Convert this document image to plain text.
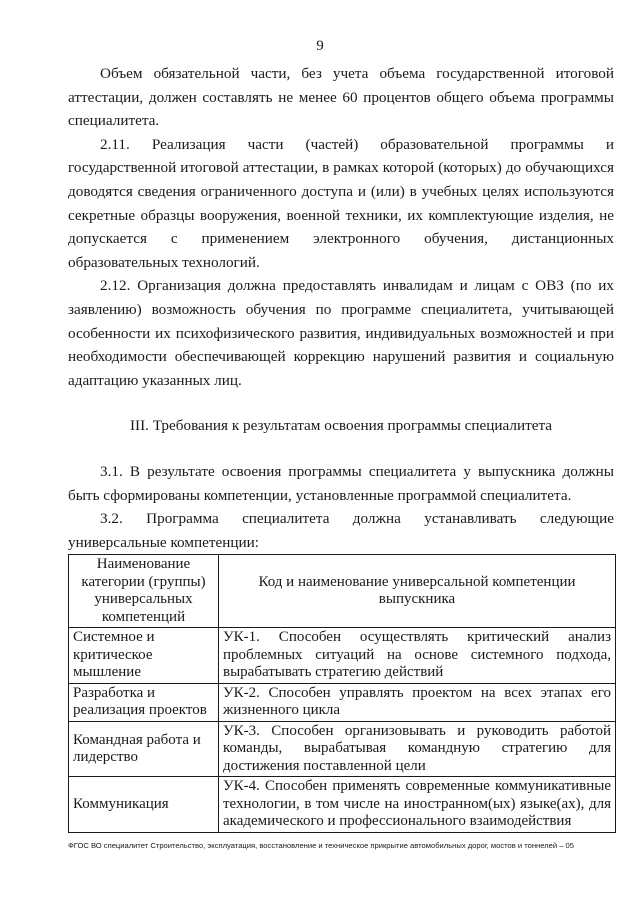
9

Объем обязательной части, без учета объема государственной итоговой аттестации, должен составлять не менее 60 процентов общего объема программы специалитета.

2.11. Реализация части (частей) образовательной программы и государственной итоговой аттестации, в рамках которой (которых) до обучающихся доводятся сведения ограниченного доступа и (или) в учебных целях используются секретные образцы вооружения, военной техники, их комплектующие изделия, не допускается с применением электронного обучения, дистанционных образовательных технологий.

2.12. Организация должна предоставлять инвалидам и лицам с ОВЗ (по их заявлению) возможность обучения по программе специалитета, учитывающей особенности их психофизического развития, индивидуальных возможностей и при необходимости обеспечивающей коррекцию нарушений развития и социальную адаптацию указанных лиц.

III. Требования к результатам освоения программы специалитета

3.1. В результате освоения программы специалитета у выпускника должны быть сформированы компетенции, установленные программой специалитета.

3.2. Программа специалитета должна устанавливать следующие универсальные компетенции:

Наименование категории (группы) универсальных компетенций	Код и наименование универсальной компетенции выпускника
Системное и критическое мышление	УК-1. Способен осуществлять критический анализ проблемных ситуаций на основе системного подхода, вырабатывать стратегию действий
Разработка и реализация проектов	УК-2. Способен управлять проектом на всех этапах его жизненного цикла
Командная работа и лидерство	УК-3. Способен организовывать и руководить работой команды, вырабатывая командную стратегию для достижения поставленной цели
Коммуникация	УК-4. Способен применять современные коммуникативные технологии, в том числе на иностранном(ых) языке(ах), для академического и профессионального взаимодействия
ФГОС ВО специалитет Строительство, эксплуатация, восстановление и техническое прикрытие автомобильных дорог, мостов и тоннелей – 05
